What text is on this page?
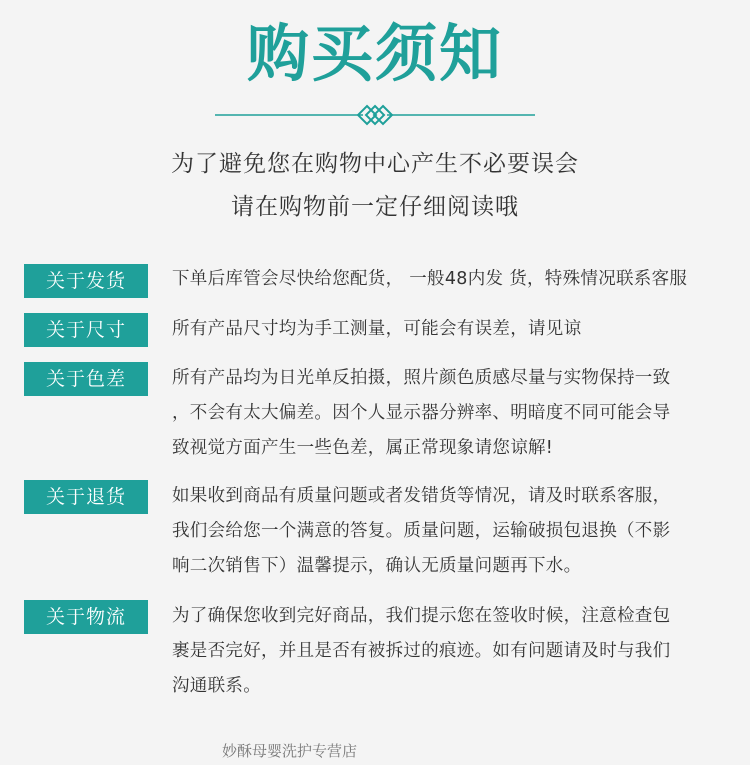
购买须知
为了避免您在购物中心产生不必要误会
请在购物前一定仔细阅读哦
关于发货	下单后库管会尽快给您配货， 一般48内发 货，特殊情况联系客服
关于尺寸	所有产品尺寸均为手工测量，可能会有误差，请见谅
关于色差	所有产品均为日光单反拍摄，照片颜色质感尽量与实物保持一致
，不会有太大偏差。因个人显示器分辨率、明暗度不同可能会导
致视觉方面产生一些色差，属正常现象请您谅解!
关于退货	如果收到商品有质量问题或者发错货等情况，请及时联系客服，
我们会给您一个满意的答复。质量问题，运输破损包退换（不影
响二次销售下）温馨提示，确认无质量问题再下水。
关于物流	为了确保您收到完好商品，我们提示您在签收时候，注意检查包
裹是否完好，并且是否有被拆过的痕迹。如有问题请及时与我们
沟通联系。
妙酥母婴洗护专营店
